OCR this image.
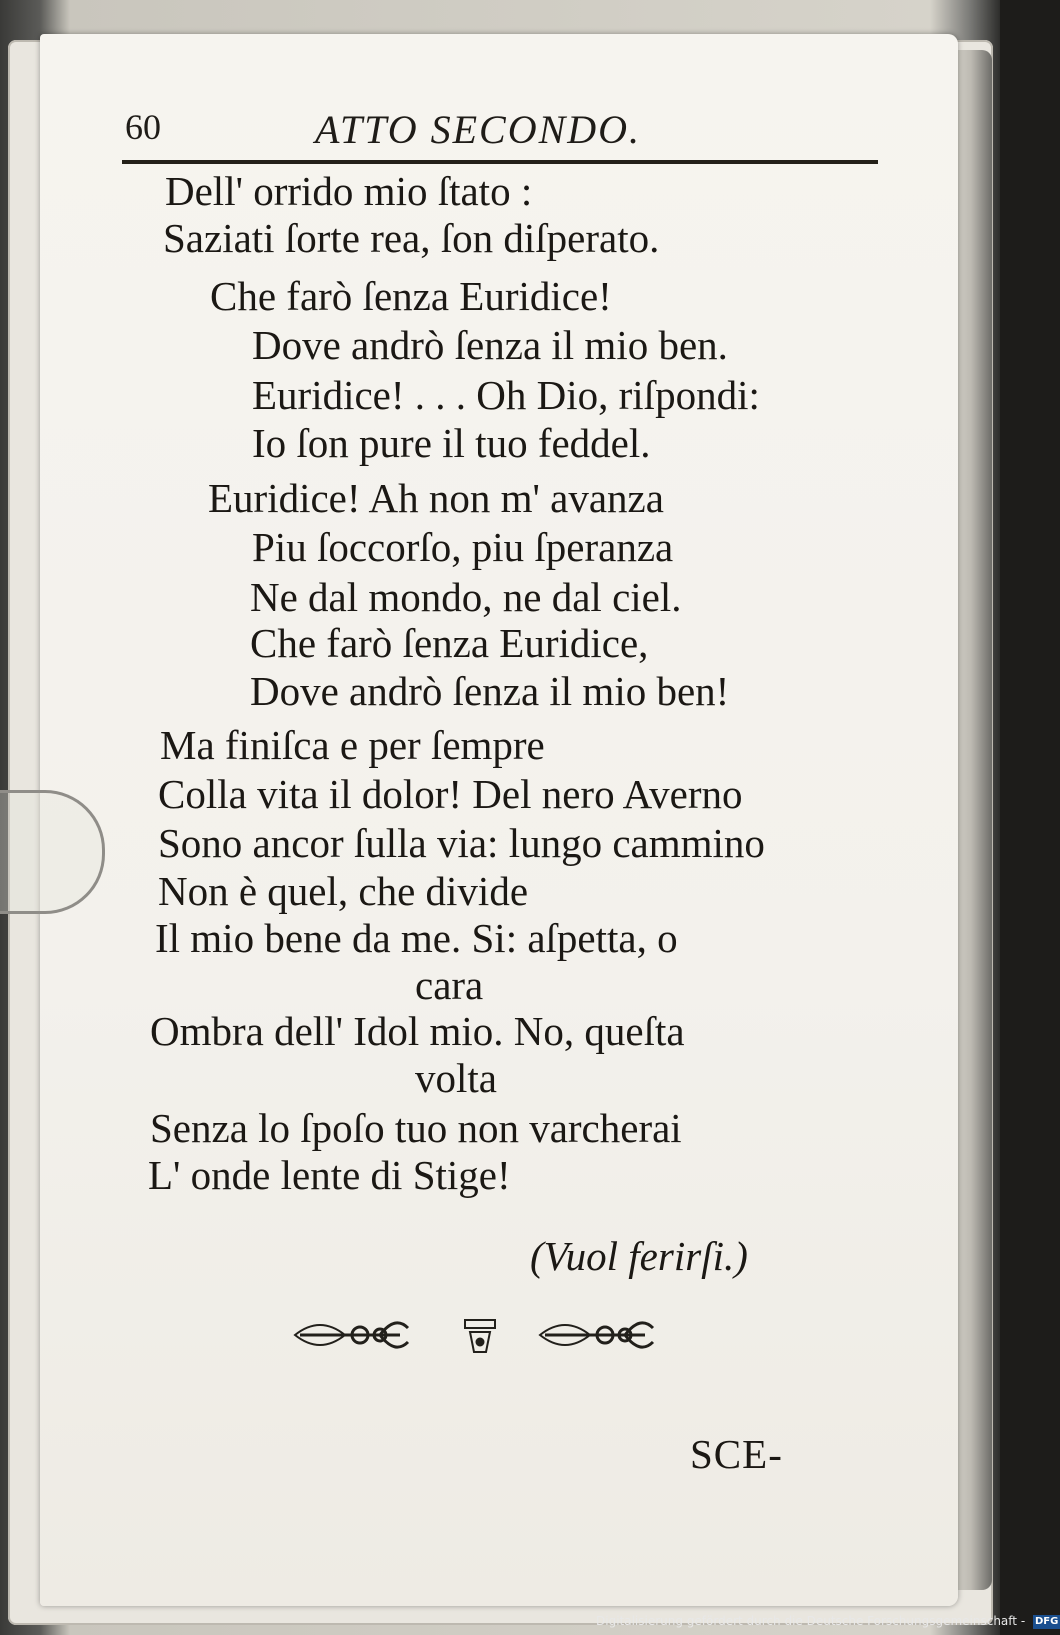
60	ATTO SECONDO.
Dell' orrido mio ſtato :
Saziati ſorte rea, ſon diſperato.
Che farò ſenza Euridice!
Dove andrò ſenza il mio ben.
Euridice! . . . Oh Dio, riſpondi:
Io ſon pure il tuo feddel.
Euridice! Ah non m' avanza
Piu ſoccorſo, piu ſperanza
Ne dal mondo, ne dal ciel.
Che farò ſenza Euridice,
Dove andrò ſenza il mio ben!
Ma finiſca e per ſempre
Colla vita il dolor! Del nero Averno
Sono ancor ſulla via: lungo cammino
Non è quel, che divide
Il mio bene da me. Si: aſpetta, o
cara
Ombra dell' Idol mio. No, queſta
volta
Senza lo ſpoſo tuo non varcherai
L' onde lente di Stige!
(Vuol ferirſi.)
SCE-
Digitalisierung gefördert durch die Deutsche Forschungsgemeinschaft - DFG
